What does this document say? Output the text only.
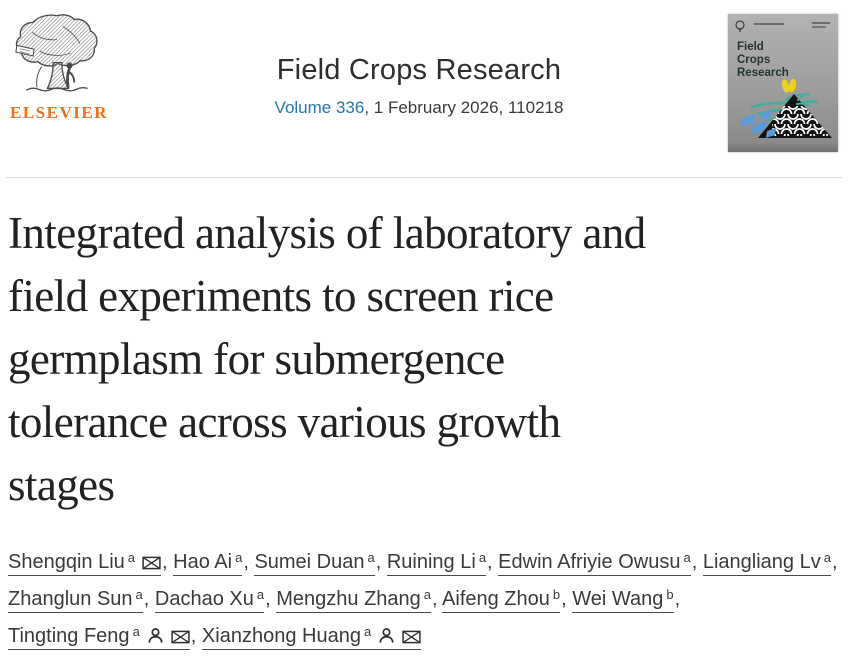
ELSEVIER
Field Crops Research
Volume 336, 1 February 2026, 110218
Field Crops Research
Integrated analysis of laboratory and
field experiments to screen rice
germplasm for submergence
tolerance across various growth
stages
Shengqin Liu $^a$ , Hao Ai $^a$, Sumei Duan $^a$, Ruining Li $^a$, Edwin Afriyie Owusu $^a$, Liangliang Lv $^a$, Zhanglun Sun $^a$, Dachao Xu $^a$, Mengzhu Zhang $^a$, Aifeng Zhou $^b$, Wei Wang $^b$, Tingting Feng $^a$	, Xianzhong Huang $^a$
